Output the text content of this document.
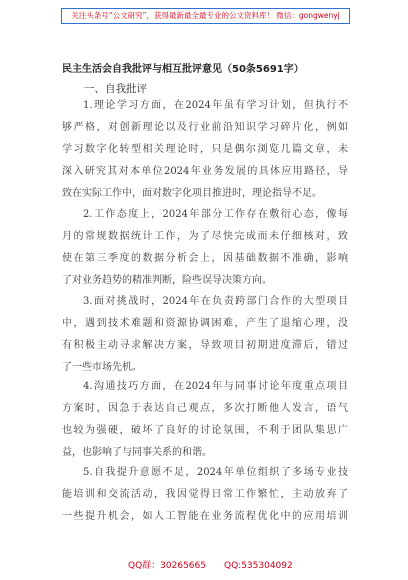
关注头条号“公文研究”，获得最新最全最专业的公文资料库！ 微信：gongwenyj
民主生活会自我批评与相互批评意见（50条5691字）
一、自我批评
1.理论学习方面，在2024年虽有学习计划，但执行不
够严格，对创新理论以及行业前沿知识学习碎片化，例如
学习数字化转型相关理论时，只是偶尔浏览几篇文章，未
深入研究其对本单位2024年业务发展的具体应用路径，导
致在实际工作中，面对数字化项目推进时，理论指导不足。
2.工作态度上，2024年部分工作存在敷衍心态，像每
月的常规数据统计工作，为了尽快完成而未仔细核对，致
使在第三季度的数据分析会上，因基础数据不准确，影响
了对业务趋势的精准判断，险些误导决策方向。
3.面对挑战时，2024年在负责跨部门合作的大型项目
中，遇到技术难题和资源协调困难，产生了退缩心理，没
有积极主动寻求解决方案，导致项目初期进度滞后，错过
了一些市场先机。
4.沟通技巧方面，在2024年与同事讨论年度重点项目
方案时，因急于表达自己观点，多次打断他人发言，语气
也较为强硬，破坏了良好的讨论氛围，不利于团队集思广
益，也影响了与同事关系的和谐。
5.自我提升意愿不足，2024年单位组织了多场专业技
能培训和交流活动，我因觉得日常工作繁忙，主动放弃了
一些提升机会，如人工智能在业务流程优化中的应用培训
QQ群：30265665 QQ:535304092
